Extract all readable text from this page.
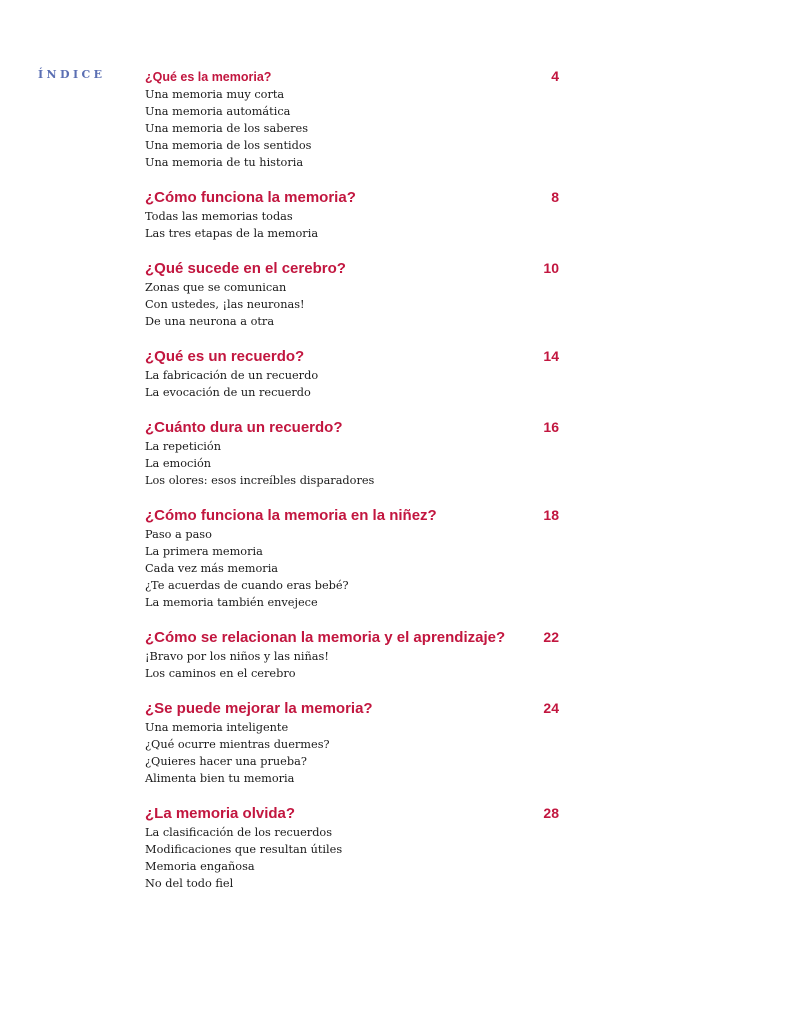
ÍNDICE	¿Qué es la memoria?	4
Una memoria muy corta
Una memoria automática
Una memoria de los saberes
Una memoria de los sentidos
Una memoria de tu historia
¿Cómo funciona la memoria?	8
Todas las memorias todas
Las tres etapas de la memoria
¿Qué sucede en el cerebro?	10
Zonas que se comunican
Con ustedes, ¡las neuronas!
De una neurona a otra
¿Qué es un recuerdo?	14
La fabricación de un recuerdo
La evocación de un recuerdo
¿Cuánto dura un recuerdo?	16
La repetición
La emoción
Los olores: esos increíbles disparadores
¿Cómo funciona la memoria en la niñez?	18
Paso a paso
La primera memoria
Cada vez más memoria
¿Te acuerdas de cuando eras bebé?
La memoria también envejece
¿Cómo se relacionan la memoria y el aprendizaje?	22
¡Bravo por los niños y las niñas!
Los caminos en el cerebro
¿Se puede mejorar la memoria?	24
Una memoria inteligente
¿Qué ocurre mientras duermes?
¿Quieres hacer una prueba?
Alimenta bien tu memoria
¿La memoria olvida?	28
La clasificación de los recuerdos
Modificaciones que resultan útiles
Memoria engañosa
No del todo fiel
